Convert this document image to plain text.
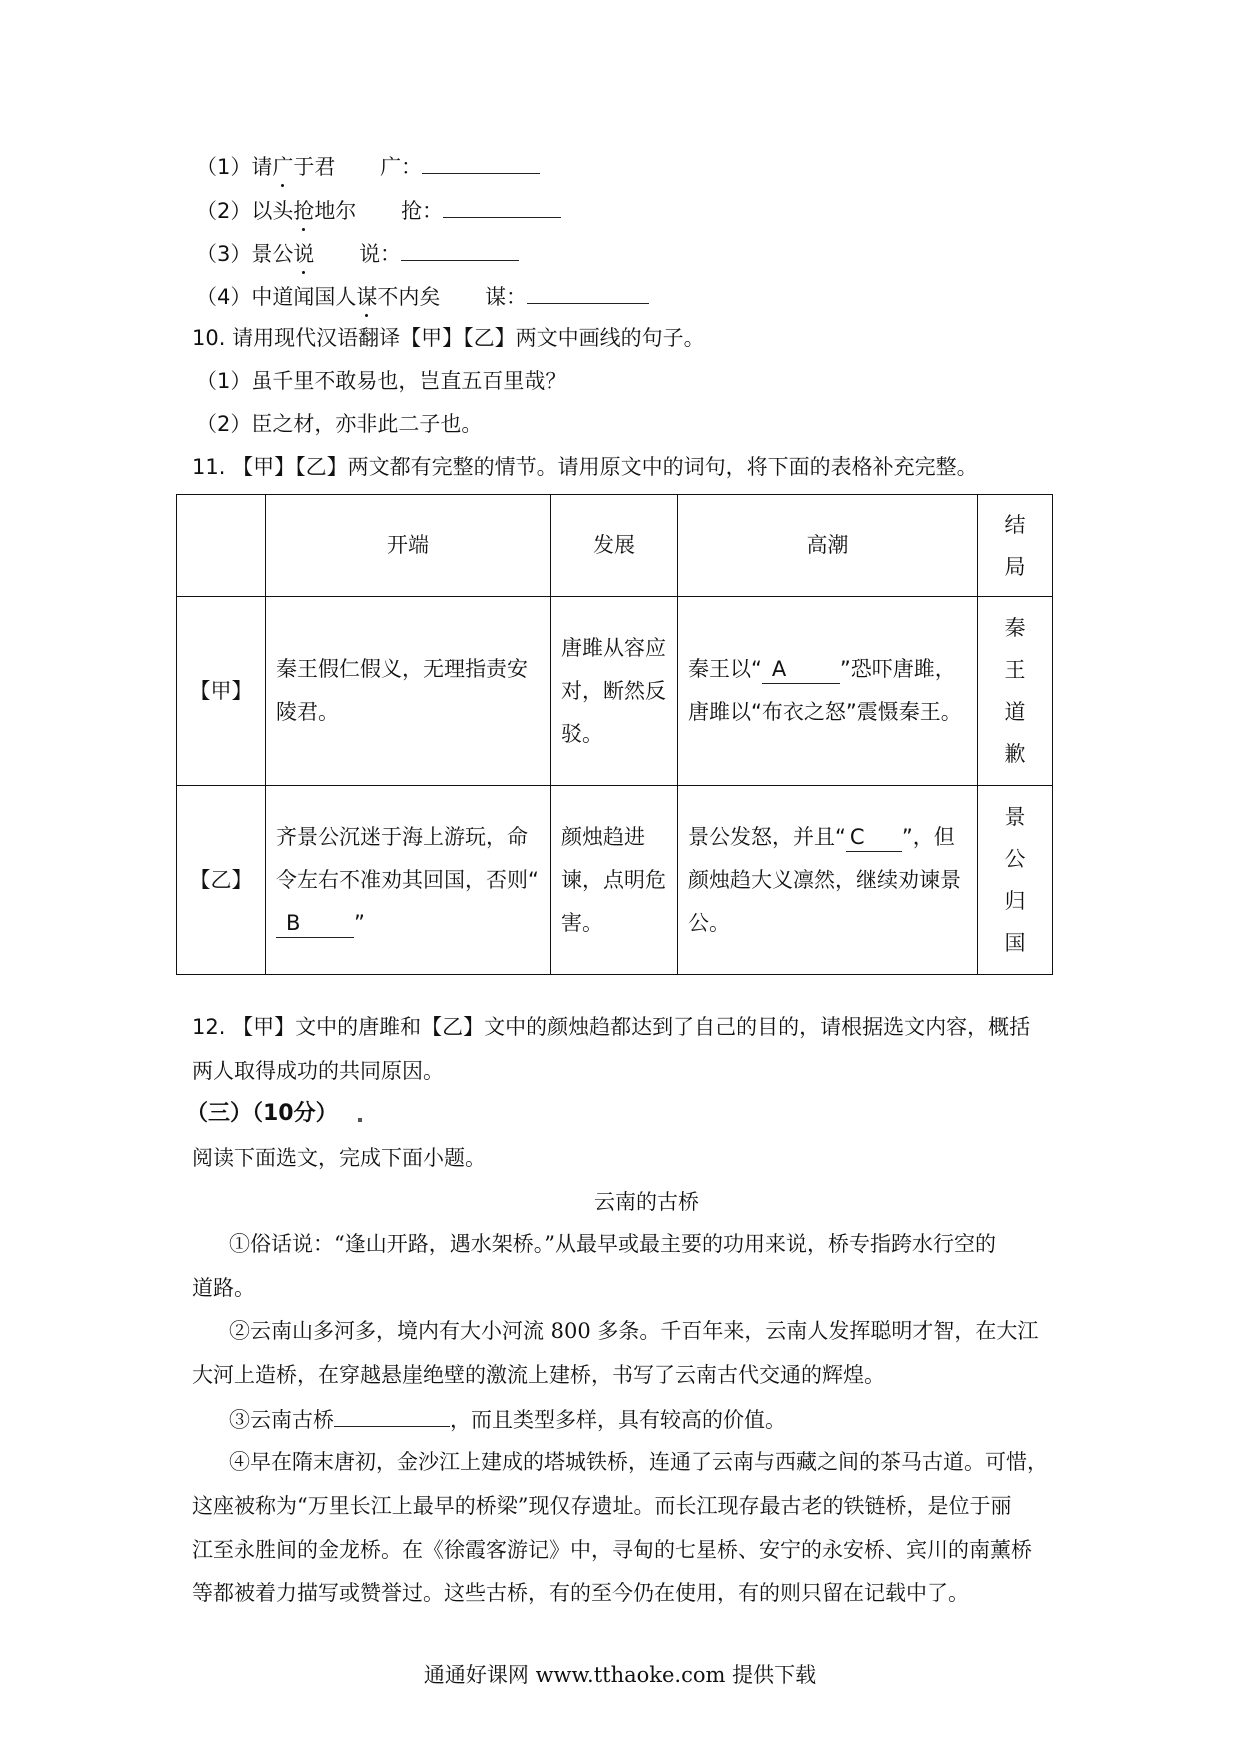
（1）请广于君 广：
（2）以头抢地尔 抢：
（3）景公说 说：
（4）中道闻国人谋不内矣 谋：
10. 请用现代汉语翻译【甲】【乙】两文中画线的句子。
（1）虽千里不敢易也，岂直五百里哉？
（2）臣之材，亦非此二子也。
11. 【甲】【乙】两文都有完整的情节。请用原文中的词句，将下面的表格补充完整。
	开端	发展	高潮	结局
【甲】	秦王假仁假义，无理指责安陵君。	唐雎从容应对，断然反驳。	秦王以“ A ”恐吓唐雎，唐雎以“布衣之怒”震慑秦王。	秦王道歉
【乙】	齐景公沉迷于海上游玩，命令左右不准劝其回国，否则“B ”	颜烛趋进谏，点明危害。	景公发怒，并且“ C ”，但颜烛趋大义凛然，继续劝谏景公。	景公归国
12. 【甲】文中的唐雎和【乙】文中的颜烛趋都达到了自己的目的，请根据选文内容，概括
两人取得成功的共同原因。
（三）（10分）
阅读下面选文，完成下面小题。
云南的古桥
①俗话说：“逢山开路，遇水架桥。”从最早或最主要的功用来说，桥专指跨水行空的
道路。
②云南山多河多，境内有大小河流 800 多条。千百年来，云南人发挥聪明才智，在大江
大河上造桥，在穿越悬崖绝壁的激流上建桥，书写了云南古代交通的辉煌。
③云南古桥	，而且类型多样，具有较高的价值。
④早在隋末唐初，金沙江上建成的塔城铁桥，连通了云南与西藏之间的茶马古道。可惜，
这座被称为“万里长江上最早的桥梁”现仅存遗址。而长江现存最古老的铁链桥，是位于丽
江至永胜间的金龙桥。在《徐霞客游记》中，寻甸的七星桥、安宁的永安桥、宾川的南薰桥
等都被着力描写或赞誉过。这些古桥，有的至今仍在使用，有的则只留在记载中了。
通通好课网 www.tthaoke.com 提供下载
